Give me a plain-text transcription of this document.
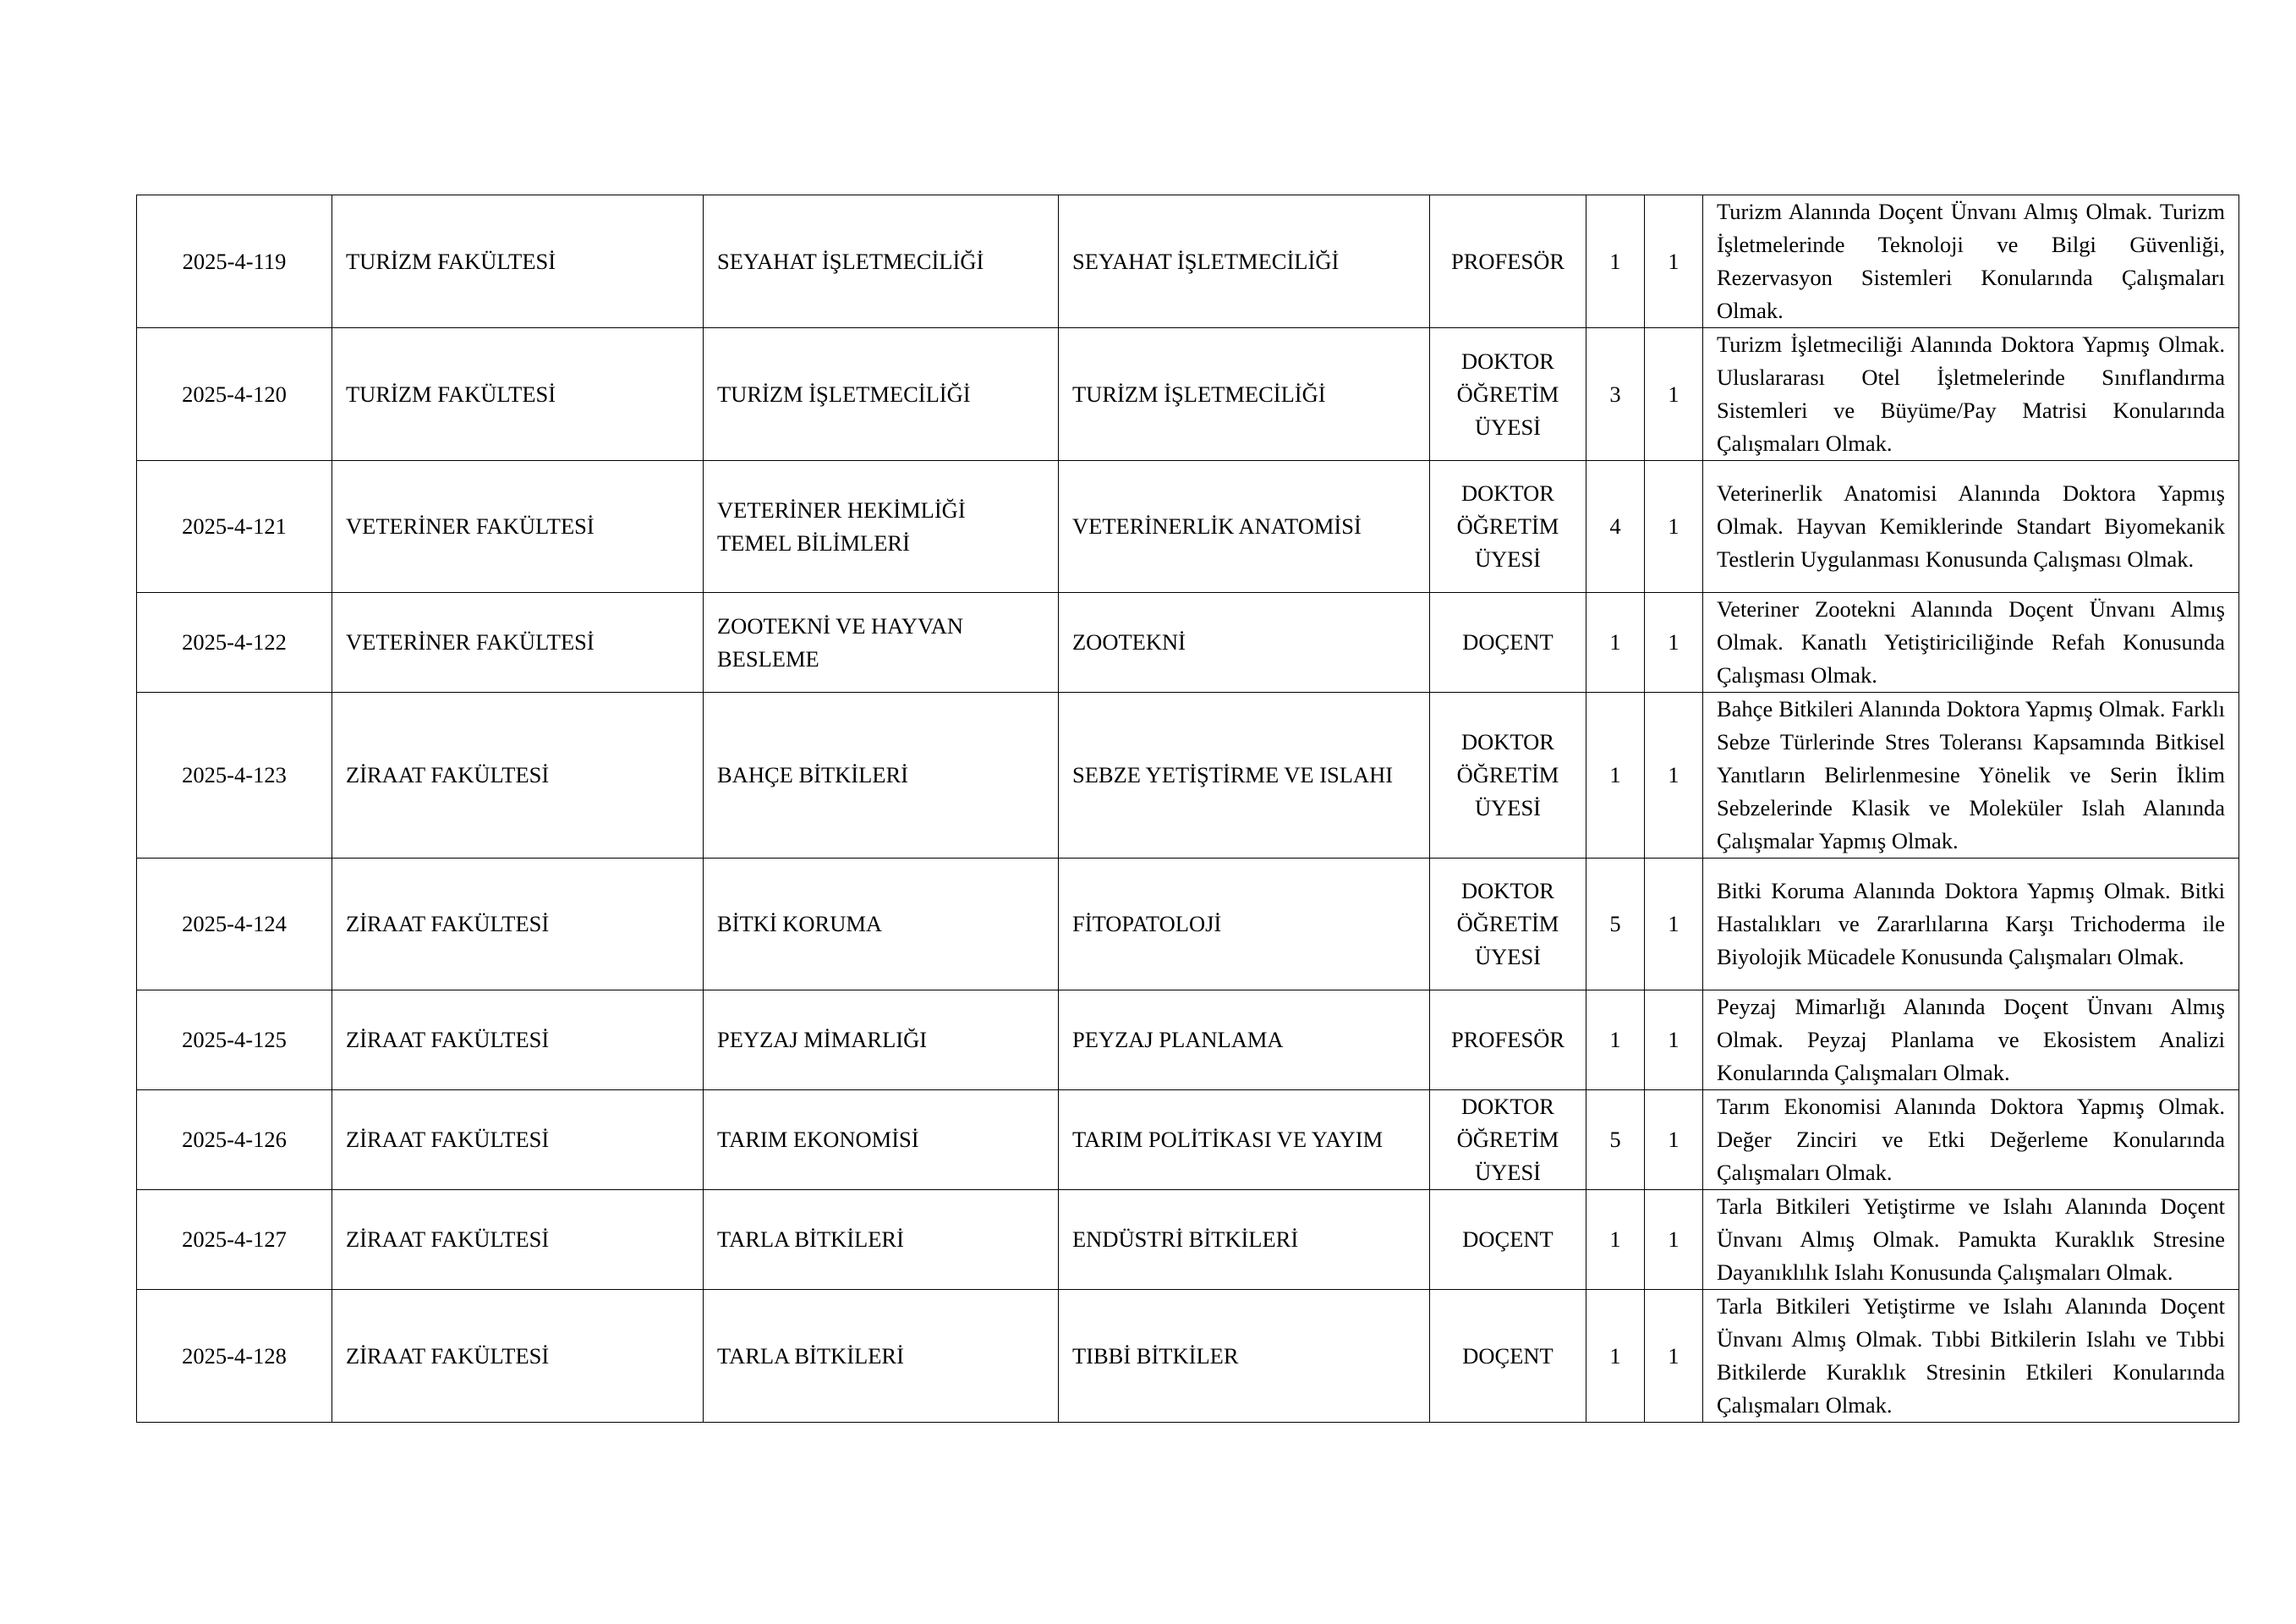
2025-4-119	TURİZM FAKÜLTESİ	SEYAHAT İŞLETMECİLİĞİ	SEYAHAT İŞLETMECİLİĞİ	PROFESÖR	1	1	Turizm Alanında Doçent Ünvanı Almış Olmak. Turizm İşletmelerinde Teknoloji ve Bilgi Güvenliği, Rezervasyon Sistemleri Konularında Çalışmaları Olmak.
2025-4-120	TURİZM FAKÜLTESİ	TURİZM İŞLETMECİLİĞİ	TURİZM İŞLETMECİLİĞİ	DOKTOR ÖĞRETİM ÜYESİ	3	1	Turizm İşletmeciliği Alanında Doktora Yapmış Olmak. Uluslararası Otel İşletmelerinde Sınıflandırma Sistemleri ve Büyüme/Pay Matrisi Konularında Çalışmaları Olmak.
2025-4-121	VETERİNER FAKÜLTESİ	VETERİNER HEKİMLİĞİ TEMEL BİLİMLERİ	VETERİNERLİK ANATOMİSİ	DOKTOR ÖĞRETİM ÜYESİ	4	1	Veterinerlik Anatomisi Alanında Doktora Yapmış Olmak. Hayvan Kemiklerinde Standart Biyomekanik Testlerin Uygulanması Konusunda Çalışması Olmak.
2025-4-122	VETERİNER FAKÜLTESİ	ZOOTEKNİ VE HAYVAN BESLEME	ZOOTEKNİ	DOÇENT	1	1	Veteriner Zootekni Alanında Doçent Ünvanı Almış Olmak. Kanatlı Yetiştiriciliğinde Refah Konusunda Çalışması Olmak.
2025-4-123	ZİRAAT FAKÜLTESİ	BAHÇE BİTKİLERİ	SEBZE YETİŞTİRME VE ISLAHI	DOKTOR ÖĞRETİM ÜYESİ	1	1	Bahçe Bitkileri Alanında Doktora Yapmış Olmak. Farklı Sebze Türlerinde Stres Toleransı Kapsamında Bitkisel Yanıtların Belirlenmesine Yönelik ve Serin İklim Sebzelerinde Klasik ve Moleküler Islah Alanında Çalışmalar Yapmış Olmak.
2025-4-124	ZİRAAT FAKÜLTESİ	BİTKİ KORUMA	FİTOPATOLOJİ	DOKTOR ÖĞRETİM ÜYESİ	5	1	Bitki Koruma Alanında Doktora Yapmış Olmak. Bitki Hastalıkları ve Zararlılarına Karşı Trichoderma ile Biyolojik Mücadele Konusunda Çalışmaları Olmak.
2025-4-125	ZİRAAT FAKÜLTESİ	PEYZAJ MİMARLIĞI	PEYZAJ PLANLAMA	PROFESÖR	1	1	Peyzaj Mimarlığı Alanında Doçent Ünvanı Almış Olmak. Peyzaj Planlama ve Ekosistem Analizi Konularında Çalışmaları Olmak.
2025-4-126	ZİRAAT FAKÜLTESİ	TARIM EKONOMİSİ	TARIM POLİTİKASI VE YAYIM	DOKTOR ÖĞRETİM ÜYESİ	5	1	Tarım Ekonomisi Alanında Doktora Yapmış Olmak. Değer Zinciri ve Etki Değerleme Konularında Çalışmaları Olmak.
2025-4-127	ZİRAAT FAKÜLTESİ	TARLA BİTKİLERİ	ENDÜSTRİ BİTKİLERİ	DOÇENT	1	1	Tarla Bitkileri Yetiştirme ve Islahı Alanında Doçent Ünvanı Almış Olmak. Pamukta Kuraklık Stresine Dayanıklılık Islahı Konusunda Çalışmaları Olmak.
2025-4-128	ZİRAAT FAKÜLTESİ	TARLA BİTKİLERİ	TIBBİ BİTKİLER	DOÇENT	1	1	Tarla Bitkileri Yetiştirme ve Islahı Alanında Doçent Ünvanı Almış Olmak. Tıbbi Bitkilerin Islahı ve Tıbbi Bitkilerde Kuraklık Stresinin Etkileri Konularında Çalışmaları Olmak.
